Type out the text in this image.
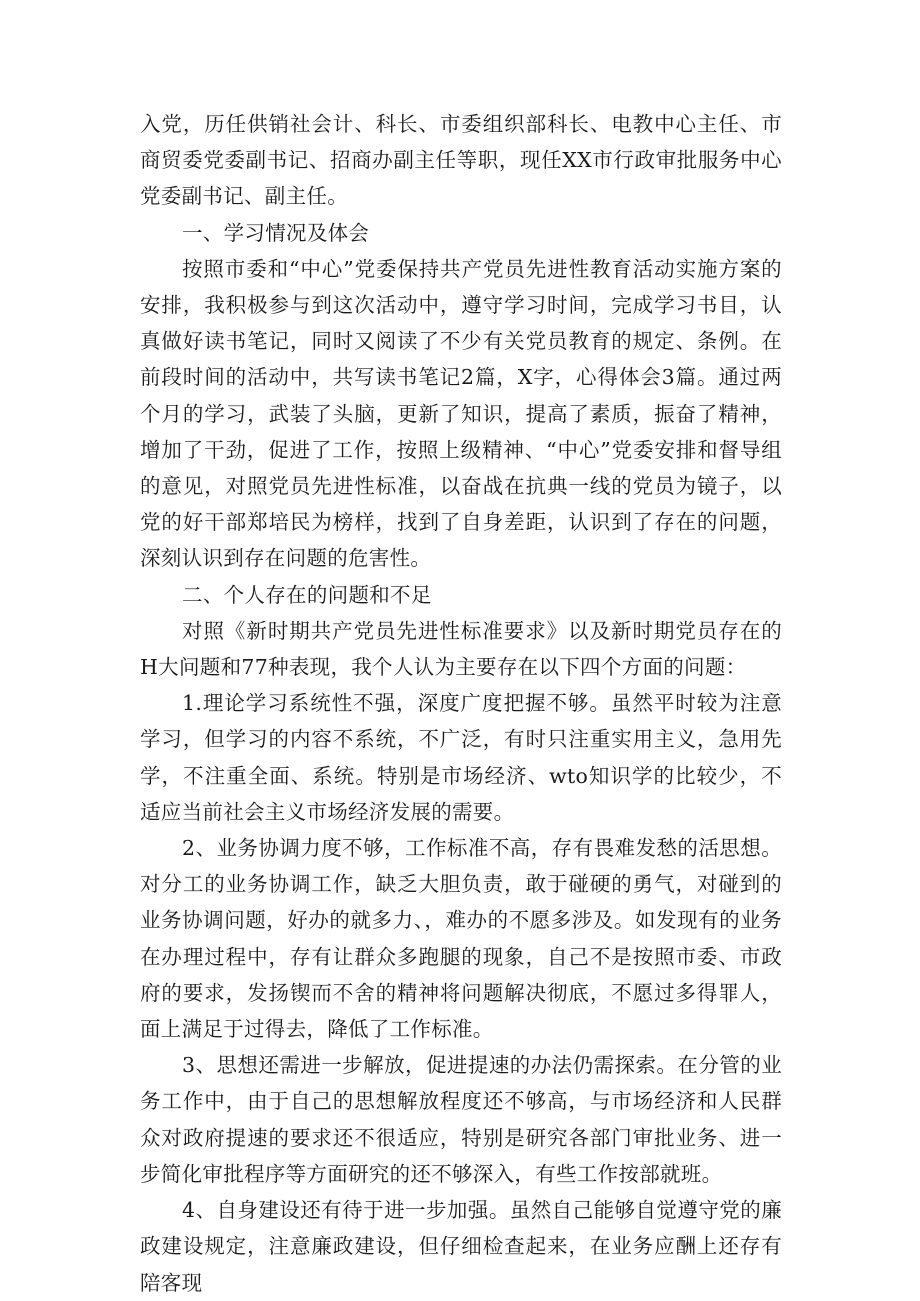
入党，历任供销社会计、科长、市委组织部科长、电教中心主任、市商贸委党委副书记、招商办副主任等职，现任XX市行政审批服务中心党委副书记、副主任。

一、学习情况及体会

按照市委和“中心”党委保持共产党员先进性教育活动实施方案的安排，我积极参与到这次活动中，遵守学习时间，完成学习书目，认真做好读书笔记，同时又阅读了不少有关党员教育的规定、条例。在前段时间的活动中，共写读书笔记2篇，X字，心得体会3篇。通过两个月的学习，武装了头脑，更新了知识，提高了素质，振奋了精神，增加了干劲，促进了工作，按照上级精神、“中心”党委安排和督导组的意见，对照党员先进性标准，以奋战在抗典一线的党员为镜子，以党的好干部郑培民为榜样，找到了自身差距，认识到了存在的问题，深刻认识到存在问题的危害性。

二、个人存在的问题和不足

对照《新时期共产党员先进性标准要求》以及新时期党员存在的H大问题和77种表现，我个人认为主要存在以下四个方面的问题：

1.理论学习系统性不强，深度广度把握不够。虽然平时较为注意学习，但学习的内容不系统，不广泛，有时只注重实用主义，急用先学，不注重全面、系统。特别是市场经济、wto知识学的比较少，不适应当前社会主义市场经济发展的需要。

2、业务协调力度不够，工作标准不高，存有畏难发愁的活思想。对分工的业务协调工作，缺乏大胆负责，敢于碰硬的勇气，对碰到的业务协调问题，好办的就多力、，难办的不愿多涉及。如发现有的业务在办理过程中，存有让群众多跑腿的现象，自己不是按照市委、市政府的要求，发扬锲而不舍的精神将问题解决彻底，不愿过多得罪人，面上满足于过得去，降低了工作标准。

3、思想还需进一步解放，促进提速的办法仍需探索。在分管的业务工作中，由于自己的思想解放程度还不够高，与市场经济和人民群众对政府提速的要求还不很适应，特别是研究各部门审批业务、进一步简化审批程序等方面研究的还不够深入，有些工作按部就班。

4、自身建设还有待于进一步加强。虽然自己能够自觉遵守党的廉政建设规定，注意廉政建设，但仔细检查起来，在业务应酬上还存有陪客现
